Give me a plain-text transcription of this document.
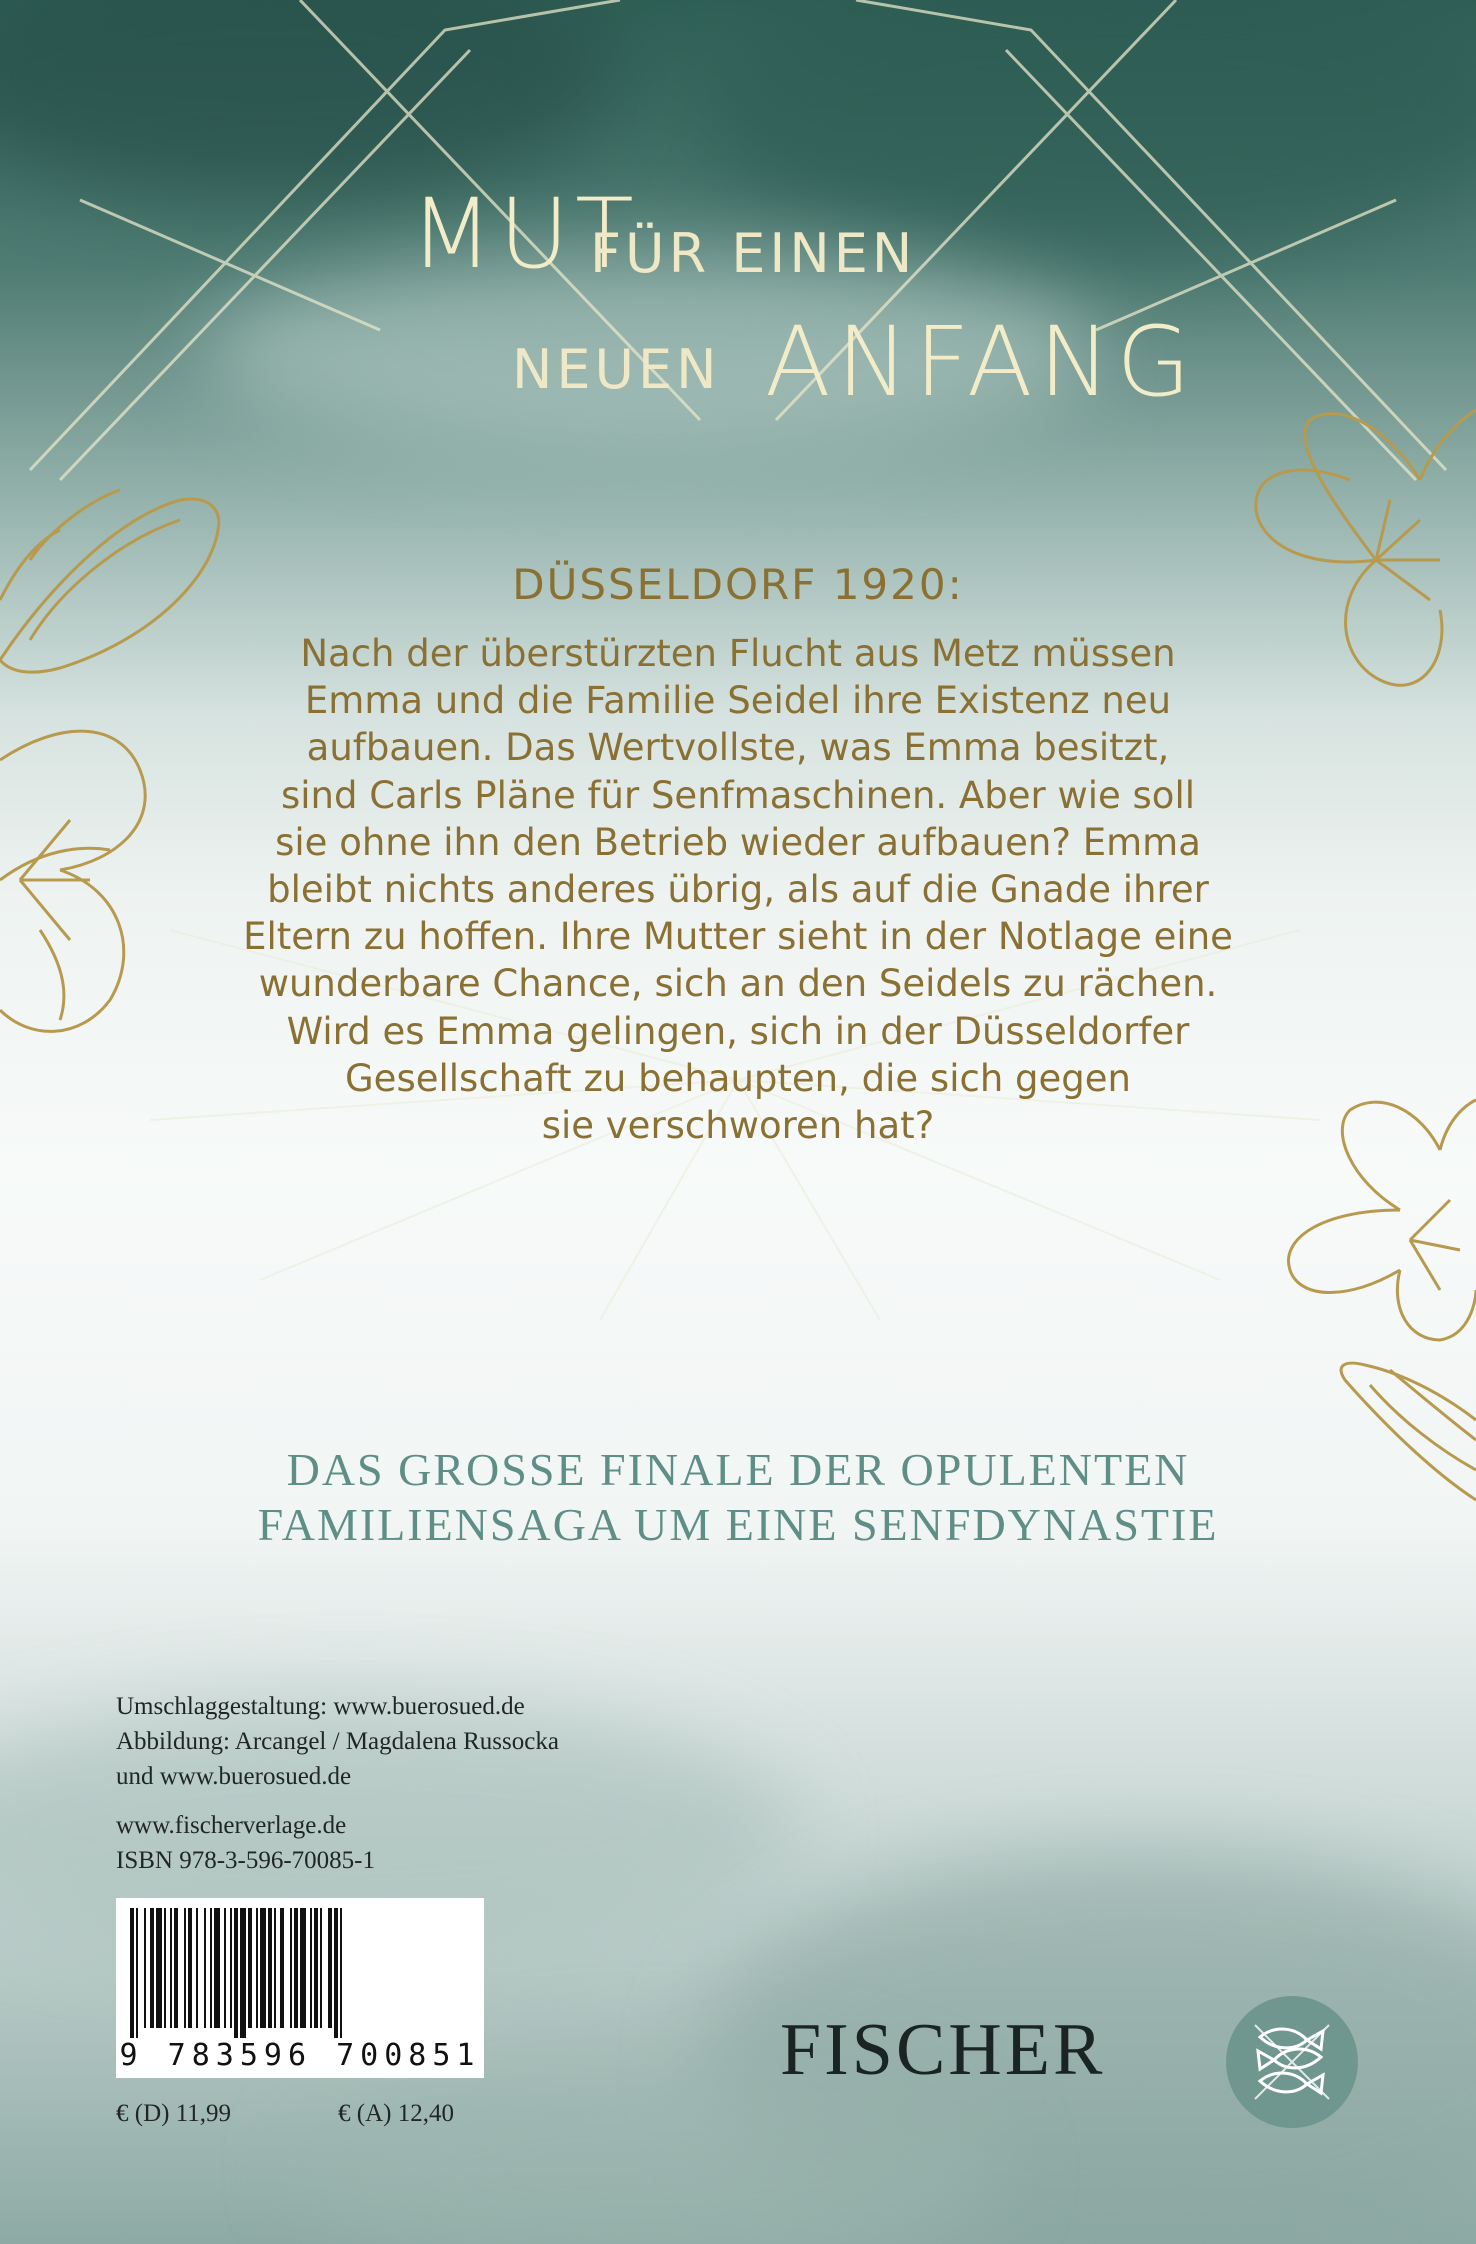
MUT
FÜR EINEN
NEUEN ANFANG
DÜSSELDORF 1920:
Nach der überstürzten Flucht aus Metz müssen
Emma und die Familie Seidel ihre Existenz neu
aufbauen. Das Wertvollste, was Emma besitzt,
sind Carls Pläne für Senfmaschinen. Aber wie soll
sie ohne ihn den Betrieb wieder aufbauen? Emma
bleibt nichts anderes übrig, als auf die Gnade ihrer
Eltern zu hoffen. Ihre Mutter sieht in der Notlage eine
wunderbare Chance, sich an den Seidels zu rächen.
Wird es Emma gelingen, sich in der Düsseldorfer
Gesellschaft zu behaupten, die sich gegen
sie verschworen hat?
DAS GROSSE FINALE DER OPULENTEN
FAMILIENSAGA UM EINE SENFDYNASTIE
Umschlaggestaltung: www.buerosued.de
Abbildung: Arcangel / Magdalena Russocka
und www.buerosued.de
www.fischerverlage.de
ISBN 978-3-596-70085-1
9 783596 700851
€ (D) 11,99	€ (A) 12,40
FISCHER
